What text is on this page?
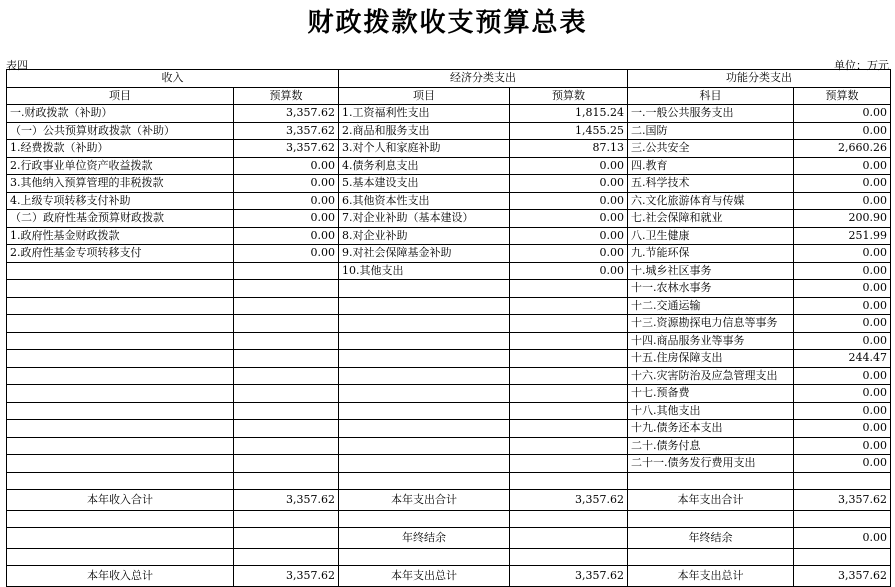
财政拨款收支预算总表
表四	单位：万元
收入		经济分类支出		功能分类支出	
项目	预算数	项目	预算数	科目	预算数
一.财政拨款（补助）	3,357.62	1.工资福利性支出	1,815.24	一.一般公共服务支出	0.00
（一）公共预算财政拨款（补助）	3,357.62	2.商品和服务支出	1,455.25	二.国防	0.00
1.经费拨款（补助）	3,357.62	3.对个人和家庭补助	87.13	三.公共安全	2,660.26
2.行政事业单位资产收益拨款	0.00	4.债务利息支出	0.00	四.教育	0.00
3.其他纳入预算管理的非税拨款	0.00	5.基本建设支出	0.00	五.科学技术	0.00
4.上级专项转移支付补助	0.00	6.其他资本性支出	0.00	六.文化旅游体育与传媒	0.00
（二）政府性基金预算财政拨款	0.00	7.对企业补助（基本建设）	0.00	七.社会保障和就业	200.90
1.政府性基金财政拨款	0.00	8.对企业补助	0.00	八.卫生健康	251.99
2.政府性基金专项转移支付	0.00	9.对社会保障基金补助	0.00	九.节能环保	0.00
		10.其他支出	0.00	十.城乡社区事务	0.00
				十一.农林水事务	0.00
				十二.交通运输	0.00
				十三.资源勘探电力信息等事务	0.00
				十四.商品服务业等事务	0.00
				十五.住房保障支出	244.47
				十六.灾害防治及应急管理支出	0.00
				十七.预备费	0.00
				十八.其他支出	0.00
				十九.债务还本支出	0.00
				二十.债务付息	0.00
				二十一.债务发行费用支出	0.00

本年收入合计	3,357.62	本年支出合计	3,357.62	本年支出合计	3,357.62

		年终结余		年终结余	0.00

本年收入总计	3,357.62	本年支出总计	3,357.62	本年支出总计	3,357.62
